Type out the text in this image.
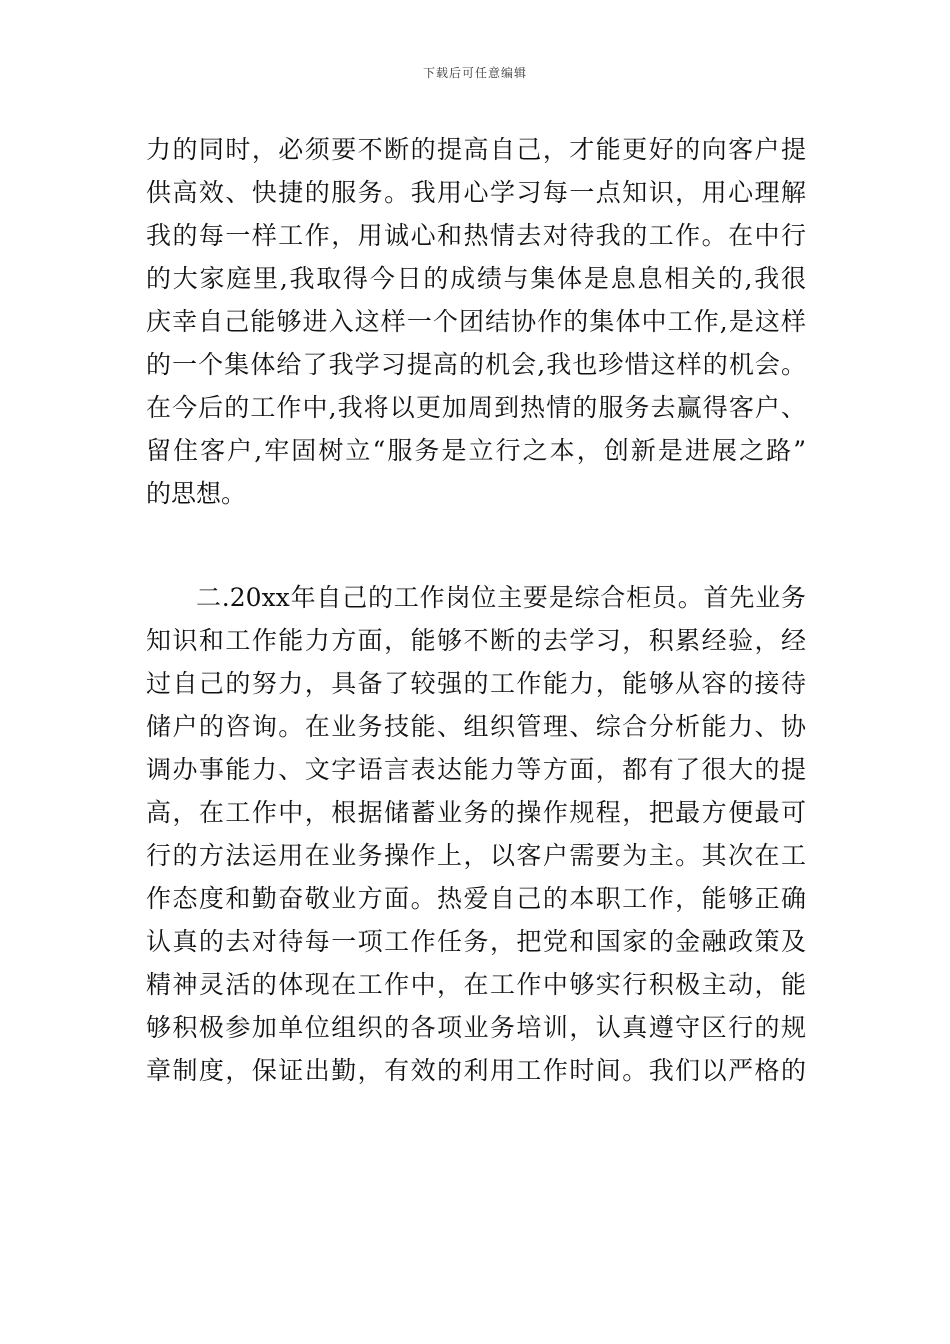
下载后可任意编辑
力的同时，必须要不断的提高自己，才能更好的向客户提
供高效、快捷的服务。我用心学习每一点知识，用心理解
我的每一样工作，用诚心和热情去对待我的工作。在中行
的大家庭里,我取得今日的成绩与集体是息息相关的,我很
庆幸自己能够进入这样一个团结协作的集体中工作,是这样
的一个集体给了我学习提高的机会,我也珍惜这样的机会。
在今后的工作中,我将以更加周到热情的服务去赢得客户、
留住客户,牢固树立“服务是立行之本，创新是进展之路”
的思想。
二.20xx年自己的工作岗位主要是综合柜员。首先业务
知识和工作能力方面，能够不断的去学习，积累经验，经
过自己的努力，具备了较强的工作能力，能够从容的接待
储户的咨询。在业务技能、组织管理、综合分析能力、协
调办事能力、文字语言表达能力等方面，都有了很大的提
高，在工作中，根据储蓄业务的操作规程，把最方便最可
行的方法运用在业务操作上，以客户需要为主。其次在工
作态度和勤奋敬业方面。热爱自己的本职工作，能够正确
认真的去对待每一项工作任务，把党和国家的金融政策及
精神灵活的体现在工作中，在工作中够实行积极主动，能
够积极参加单位组织的各项业务培训，认真遵守区行的规
章制度，保证出勤，有效的利用工作时间。我们以严格的
